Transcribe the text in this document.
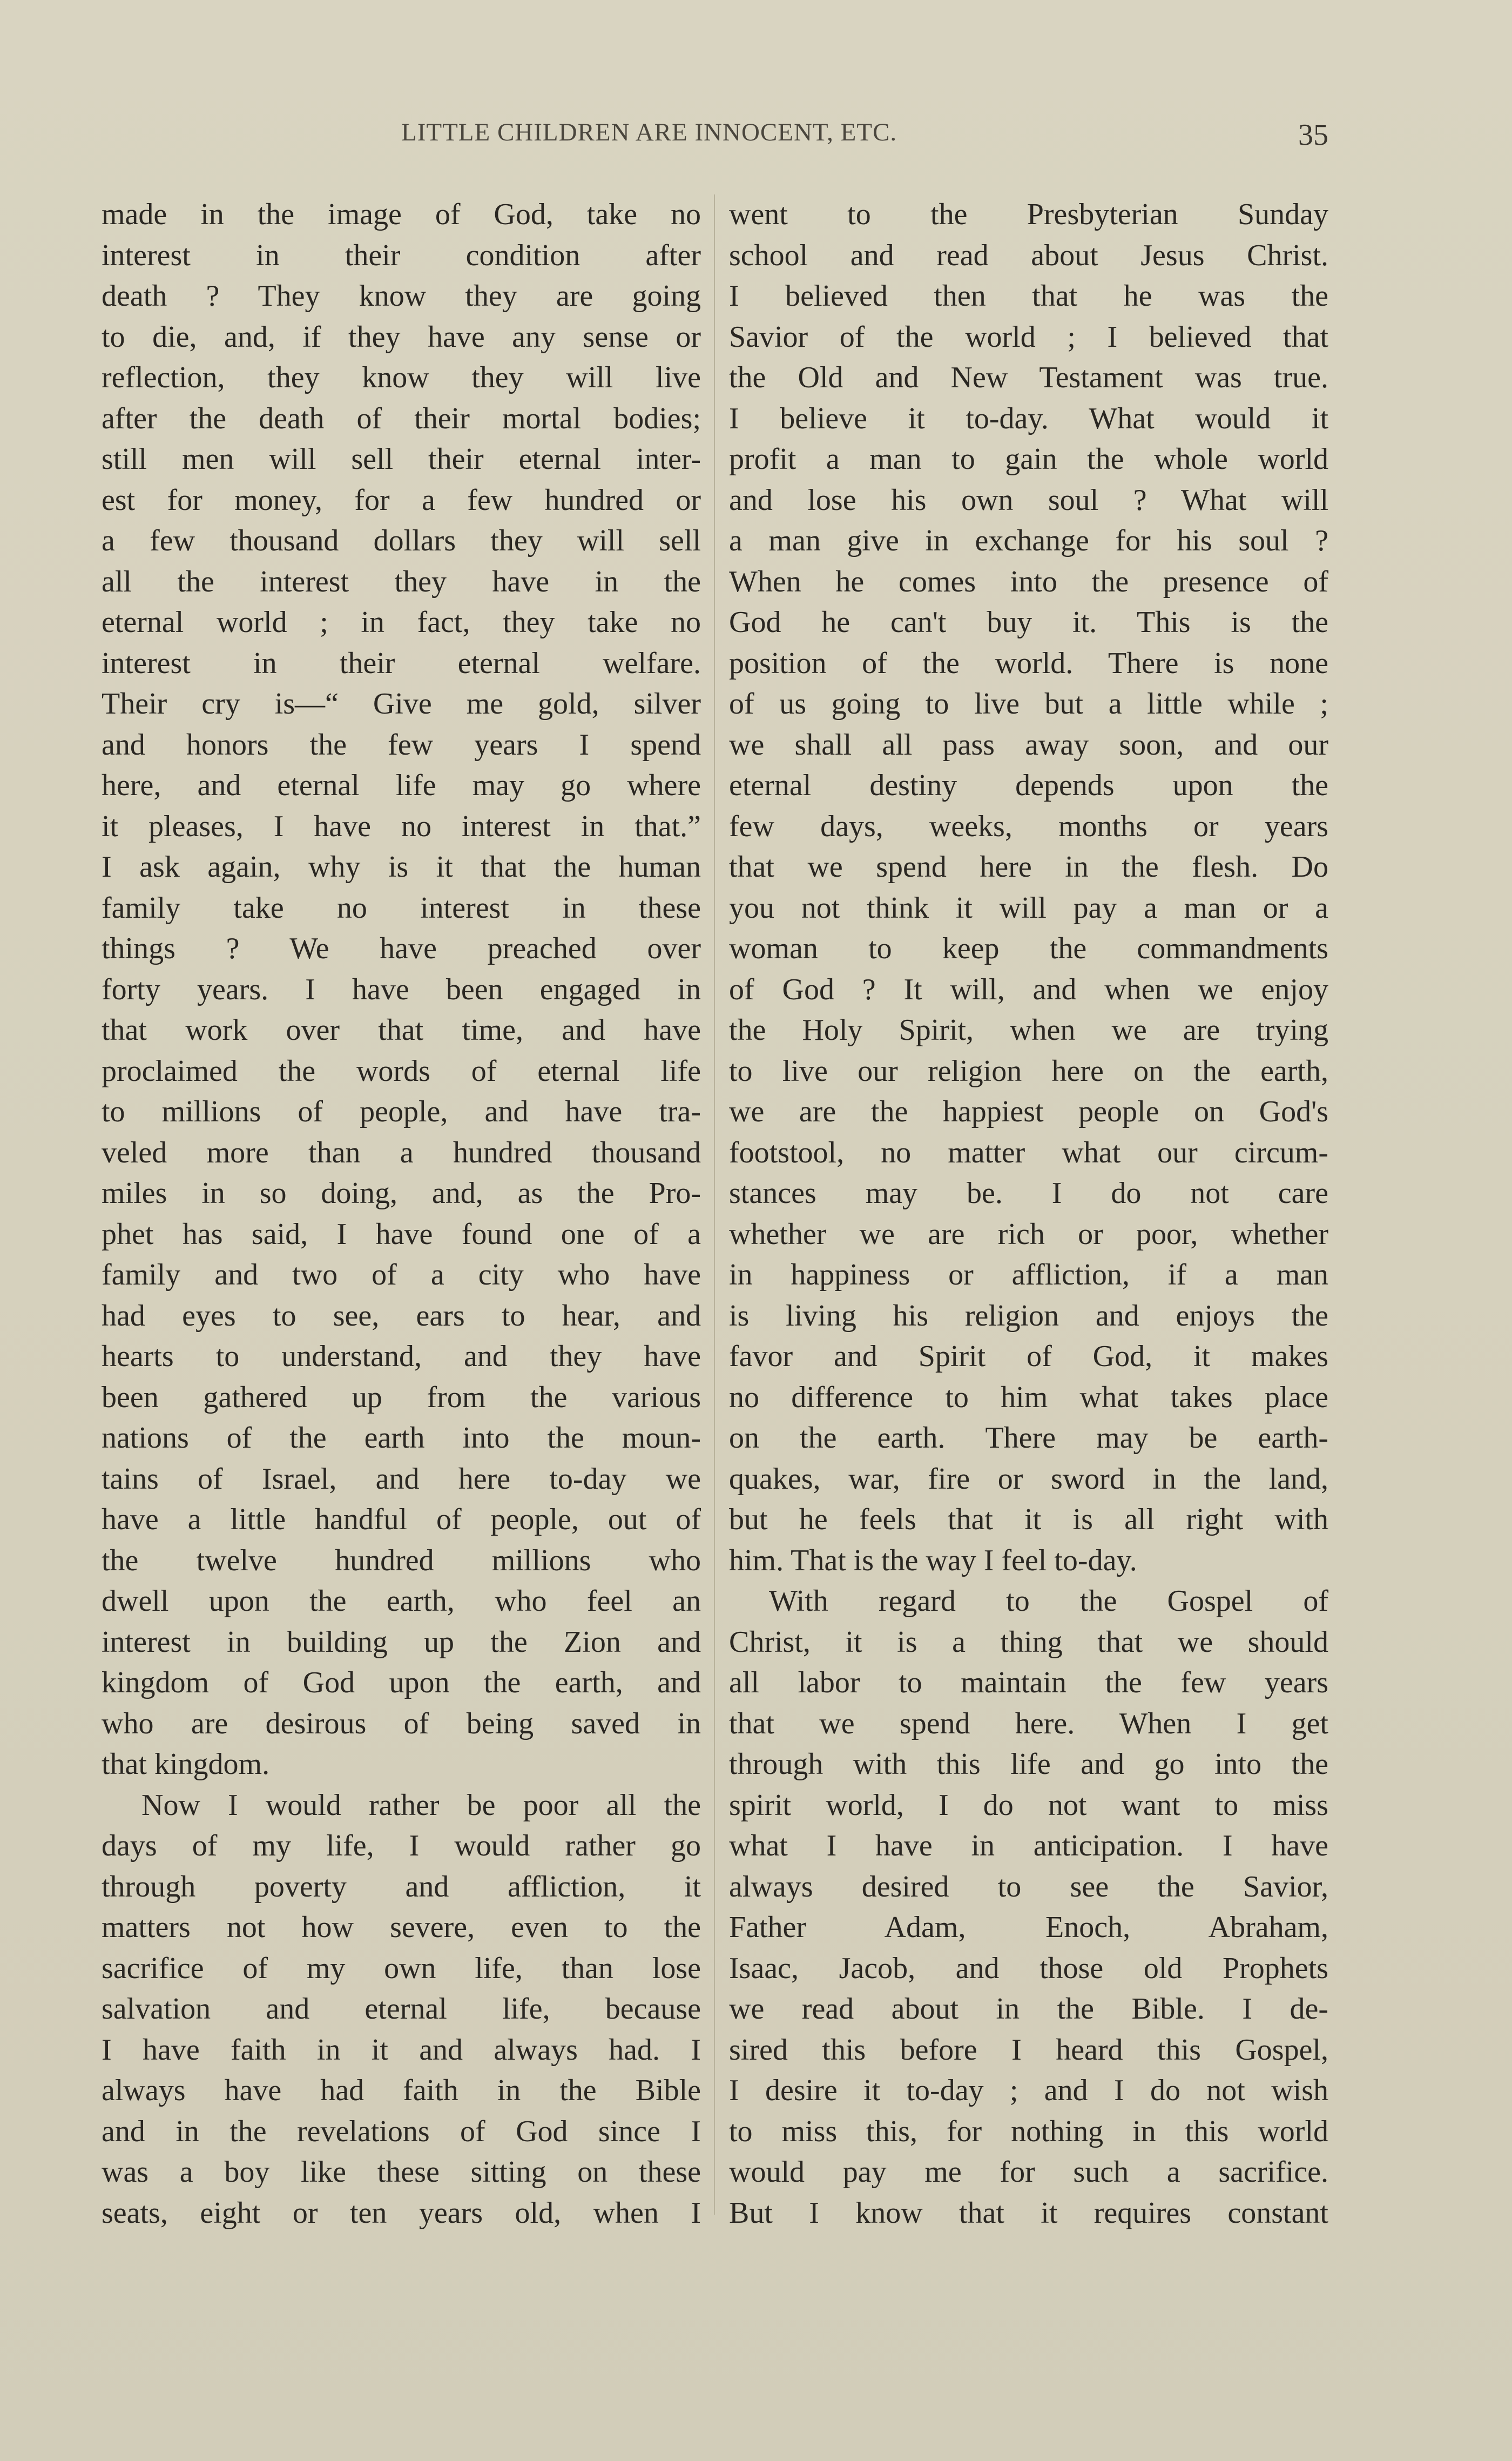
LITTLE CHILDREN ARE INNOCENT, ETC.	35
made in the image of God, take no
interest in their condition after
death ? They know they are going
to die, and, if they have any sense or
reflection, they know they will live
after the death of their mortal bodies;
still men will sell their eternal inter-
est for money, for a few hundred or
a few thousand dollars they will sell
all the interest they have in the
eternal world ; in fact, they take no
interest in their eternal welfare.
Their cry is—“ Give me gold, silver
and honors the few years I spend
here, and eternal life may go where
it pleases, I have no interest in that.”
I ask again, why is it that the human
family take no interest in these
things ? We have preached over
forty years. I have been engaged in
that work over that time, and have
proclaimed the words of eternal life
to millions of people, and have tra-
veled more than a hundred thousand
miles in so doing, and, as the Pro-
phet has said, I have found one of a
family and two of a city who have
had eyes to see, ears to hear, and
hearts to understand, and they have
been gathered up from the various
nations of the earth into the moun-
tains of Israel, and here to-day we
have a little handful of people, out of
the twelve hundred millions who
dwell upon the earth, who feel an
interest in building up the Zion and
kingdom of God upon the earth, and
who are desirous of being saved in
that kingdom.
Now I would rather be poor all the
days of my life, I would rather go
through poverty and affliction, it
matters not how severe, even to the
sacrifice of my own life, than lose
salvation and eternal life, because
I have faith in it and always had. I
always have had faith in the Bible
and in the revelations of God since I
was a boy like these sitting on these
seats, eight or ten years old, when I
went to the Presbyterian Sunday
school and read about Jesus Christ.
I believed then that he was the
Savior of the world ; I believed that
the Old and New Testament was true.
I believe it to-day. What would it
profit a man to gain the whole world
and lose his own soul ? What will
a man give in exchange for his soul ?
When he comes into the presence of
God he can't buy it. This is the
position of the world. There is none
of us going to live but a little while ;
we shall all pass away soon, and our
eternal destiny depends upon the
few days, weeks, months or years
that we spend here in the flesh. Do
you not think it will pay a man or a
woman to keep the commandments
of God ? It will, and when we enjoy
the Holy Spirit, when we are trying
to live our religion here on the earth,
we are the happiest people on God's
footstool, no matter what our circum-
stances may be. I do not care
whether we are rich or poor, whether
in happiness or affliction, if a man
is living his religion and enjoys the
favor and Spirit of God, it makes
no difference to him what takes place
on the earth. There may be earth-
quakes, war, fire or sword in the land,
but he feels that it is all right with
him. That is the way I feel to-day.
With regard to the Gospel of
Christ, it is a thing that we should
all labor to maintain the few years
that we spend here. When I get
through with this life and go into the
spirit world, I do not want to miss
what I have in anticipation. I have
always desired to see the Savior,
Father Adam, Enoch, Abraham,
Isaac, Jacob, and those old Prophets
we read about in the Bible. I de-
sired this before I heard this Gospel,
I desire it to-day ; and I do not wish
to miss this, for nothing in this world
would pay me for such a sacrifice.
But I know that it requires constant
